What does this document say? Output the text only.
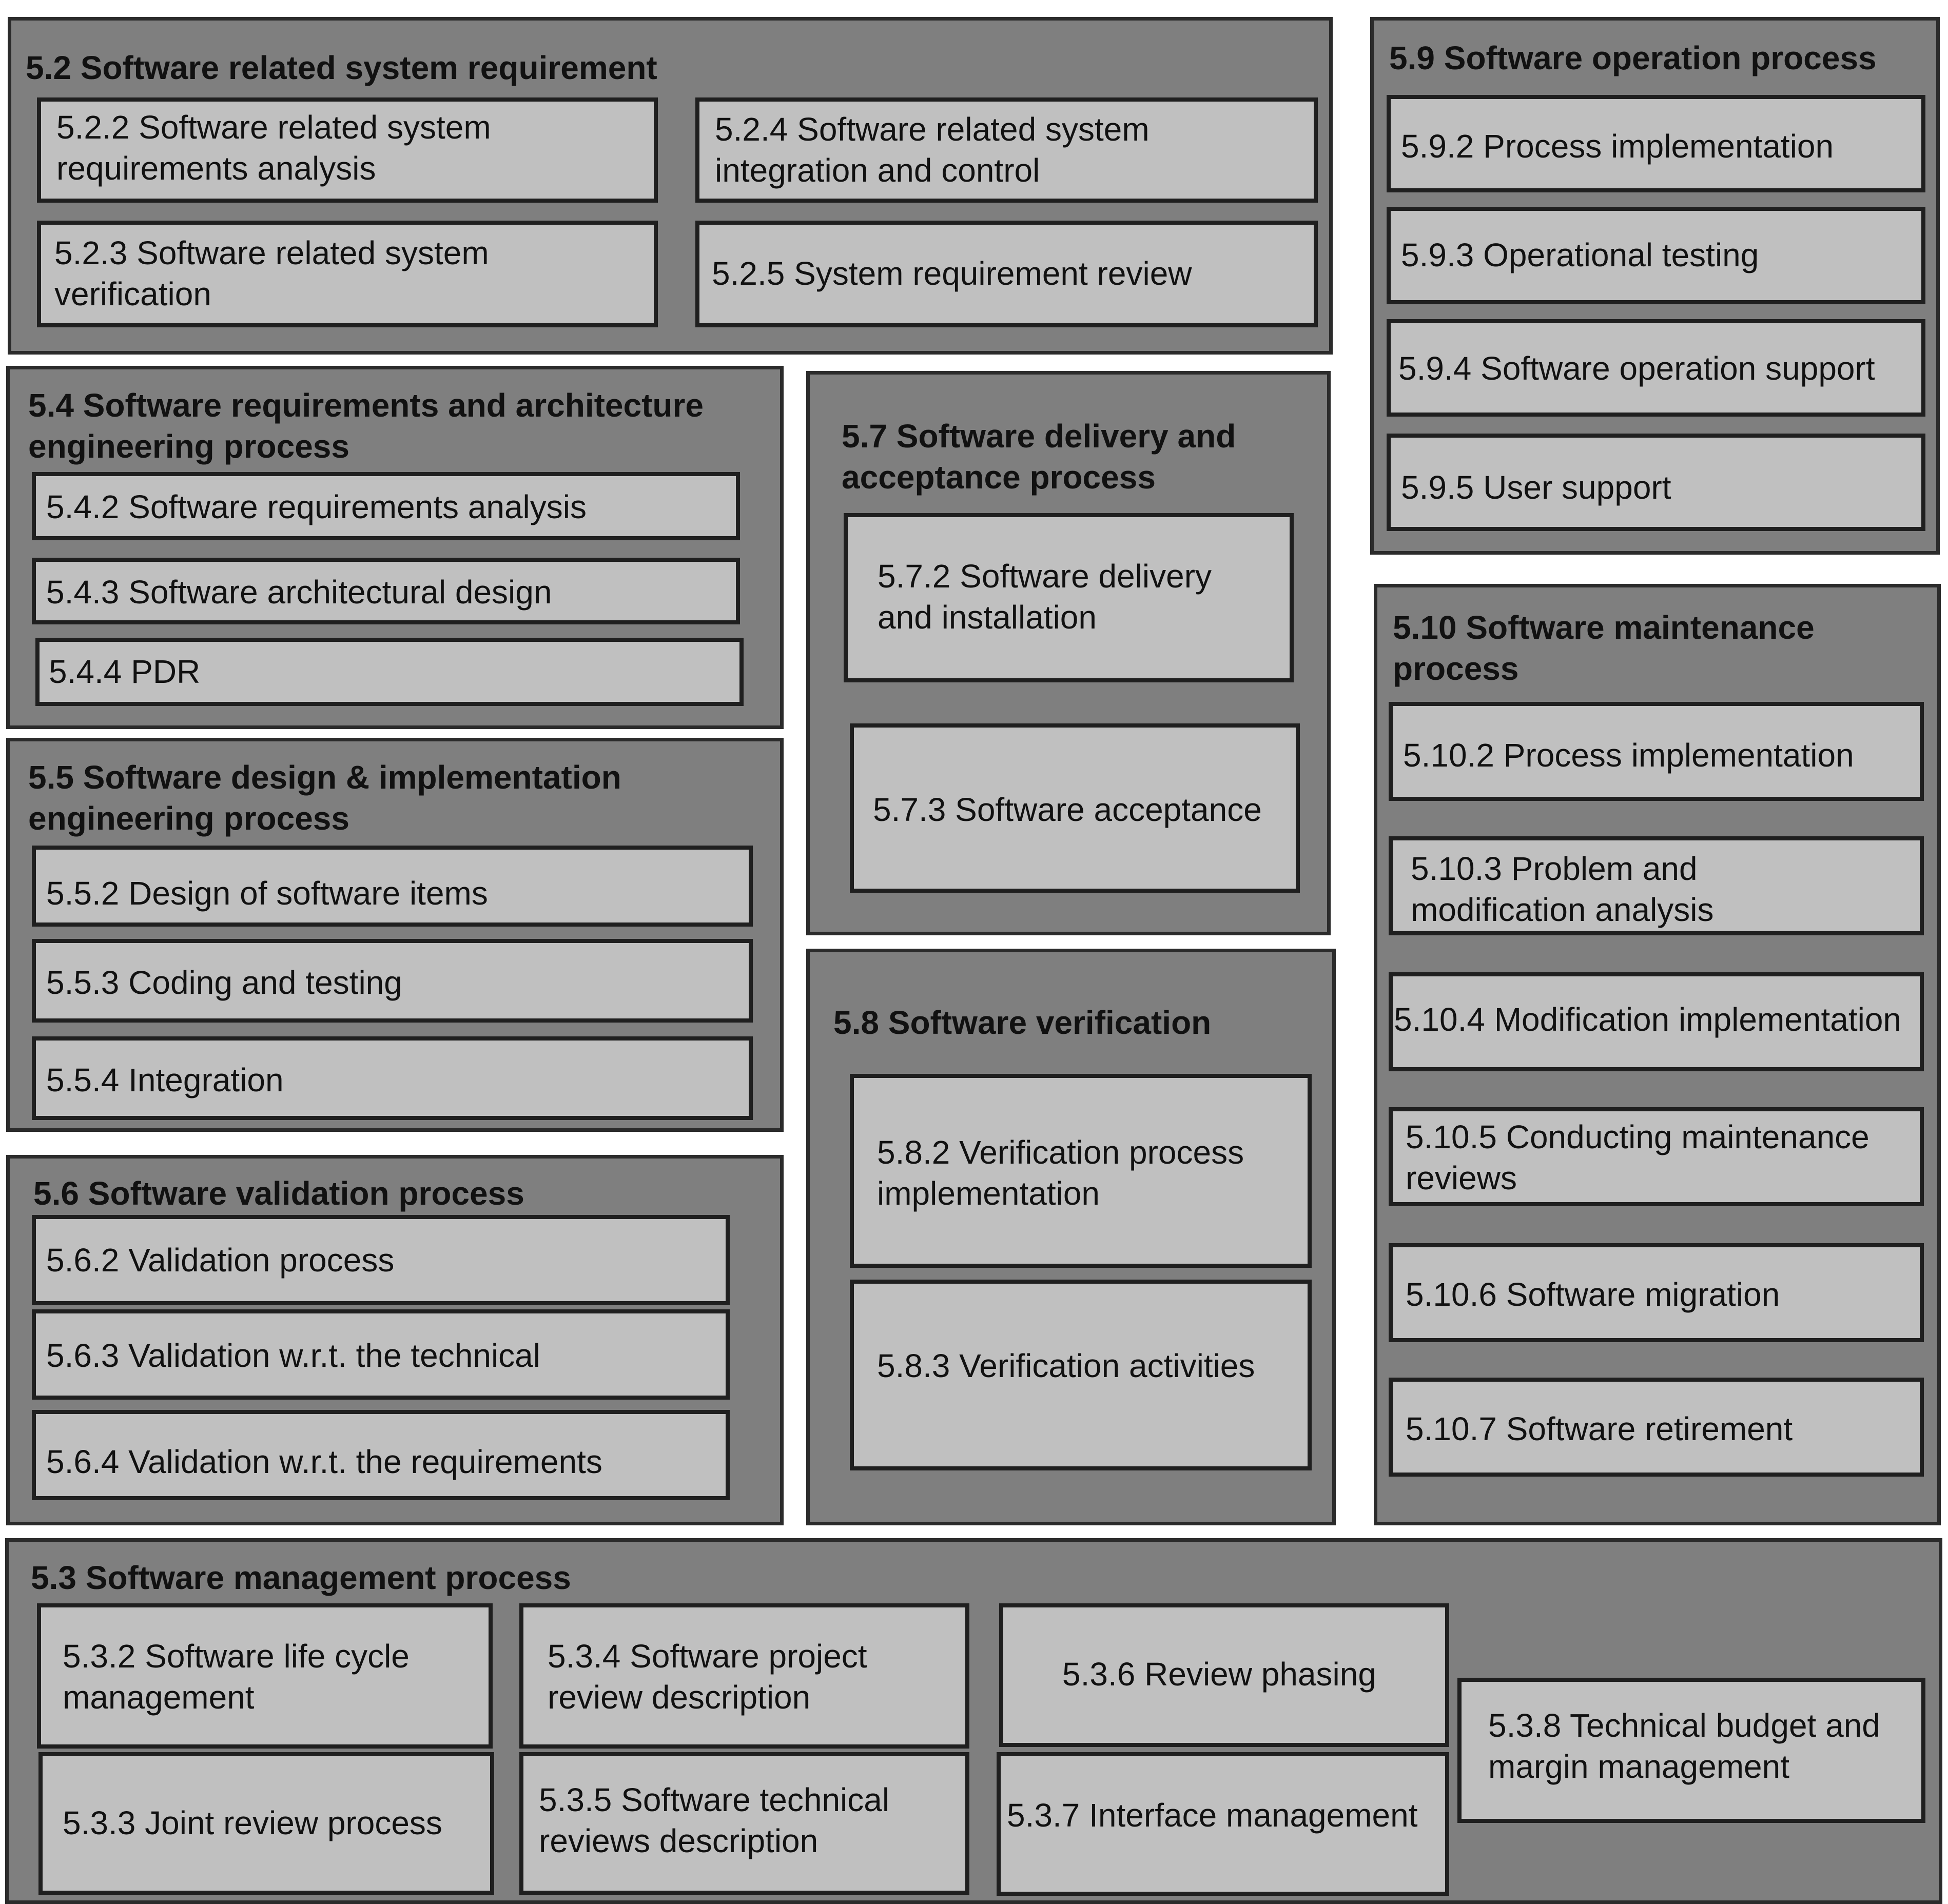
5.2 Software related system requirement
5.2.2 Software related system
requirements analysis
5.2.4 Software related system
integration and control
5.2.3 Software related system
verification
5.2.5 System requirement review
5.4 Software requirements and architecture
engineering process
5.4.2 Software requirements analysis
5.4.3 Software architectural design
5.4.4 PDR
5.5 Software design & implementation
engineering process
5.5.2 Design of software items
5.5.3 Coding and testing
5.5.4 Integration
5.6 Software validation process
5.6.2 Validation process
5.6.3 Validation w.r.t. the technical
5.6.4 Validation w.r.t. the requirements
5.7 Software delivery and
acceptance process
5.7.2 Software delivery
and installation
5.7.3 Software acceptance
5.8 Software verification
5.8.2 Verification process
implementation
5.8.3 Verification activities
5.9 Software operation process
5.9.2 Process implementation
5.9.3 Operational testing
5.9.4 Software operation support
5.9.5 User support
5.10 Software maintenance
process
5.10.2 Process implementation
5.10.3 Problem and
modification analysis
5.10.4 Modification implementation
5.10.5 Conducting maintenance
reviews
5.10.6 Software migration
5.10.7 Software retirement
5.3 Software management process
5.3.2 Software life cycle
management
5.3.3 Joint review process
5.3.4 Software project
review description
5.3.5 Software technical
reviews description
5.3.6 Review phasing
5.3.7 Interface management
5.3.8 Technical budget and
margin management
